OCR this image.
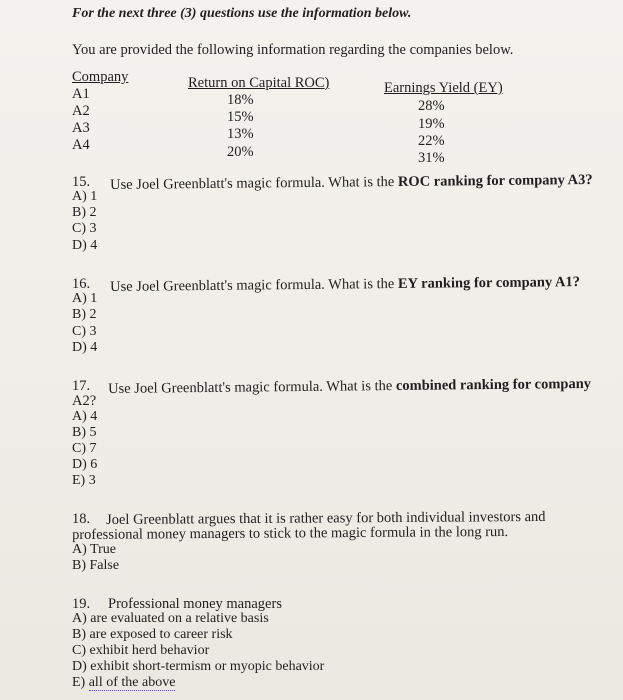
For the next three (3) questions use the information below.
You are provided the following information regarding the companies below.
Company	Return on Capital ROC)	Earnings Yield (EY)
A1
A2
A3
A4
18%
15%
13%
20%
28%
19%
22%
31%
15. Use Joel Greenblatt's magic formula. What is the ROC ranking for company A3?
A) 1
B) 2
C) 3
D) 4
16. Use Joel Greenblatt's magic formula. What is the EY ranking for company A1?
A) 1
B) 2
C) 3
D) 4
17. Use Joel Greenblatt's magic formula. What is the combined ranking for company
A2?
A) 4
B) 5
C) 7
D) 6
E) 3
18. Joel Greenblatt argues that it is rather easy for both individual investors and
professional money managers to stick to the magic formula in the long run.
A) True
B) False
19. Professional money managers
A) are evaluated on a relative basis
B) are exposed to career risk
C) exhibit herd behavior
D) exhibit short-termism or myopic behavior
E) all of the above
